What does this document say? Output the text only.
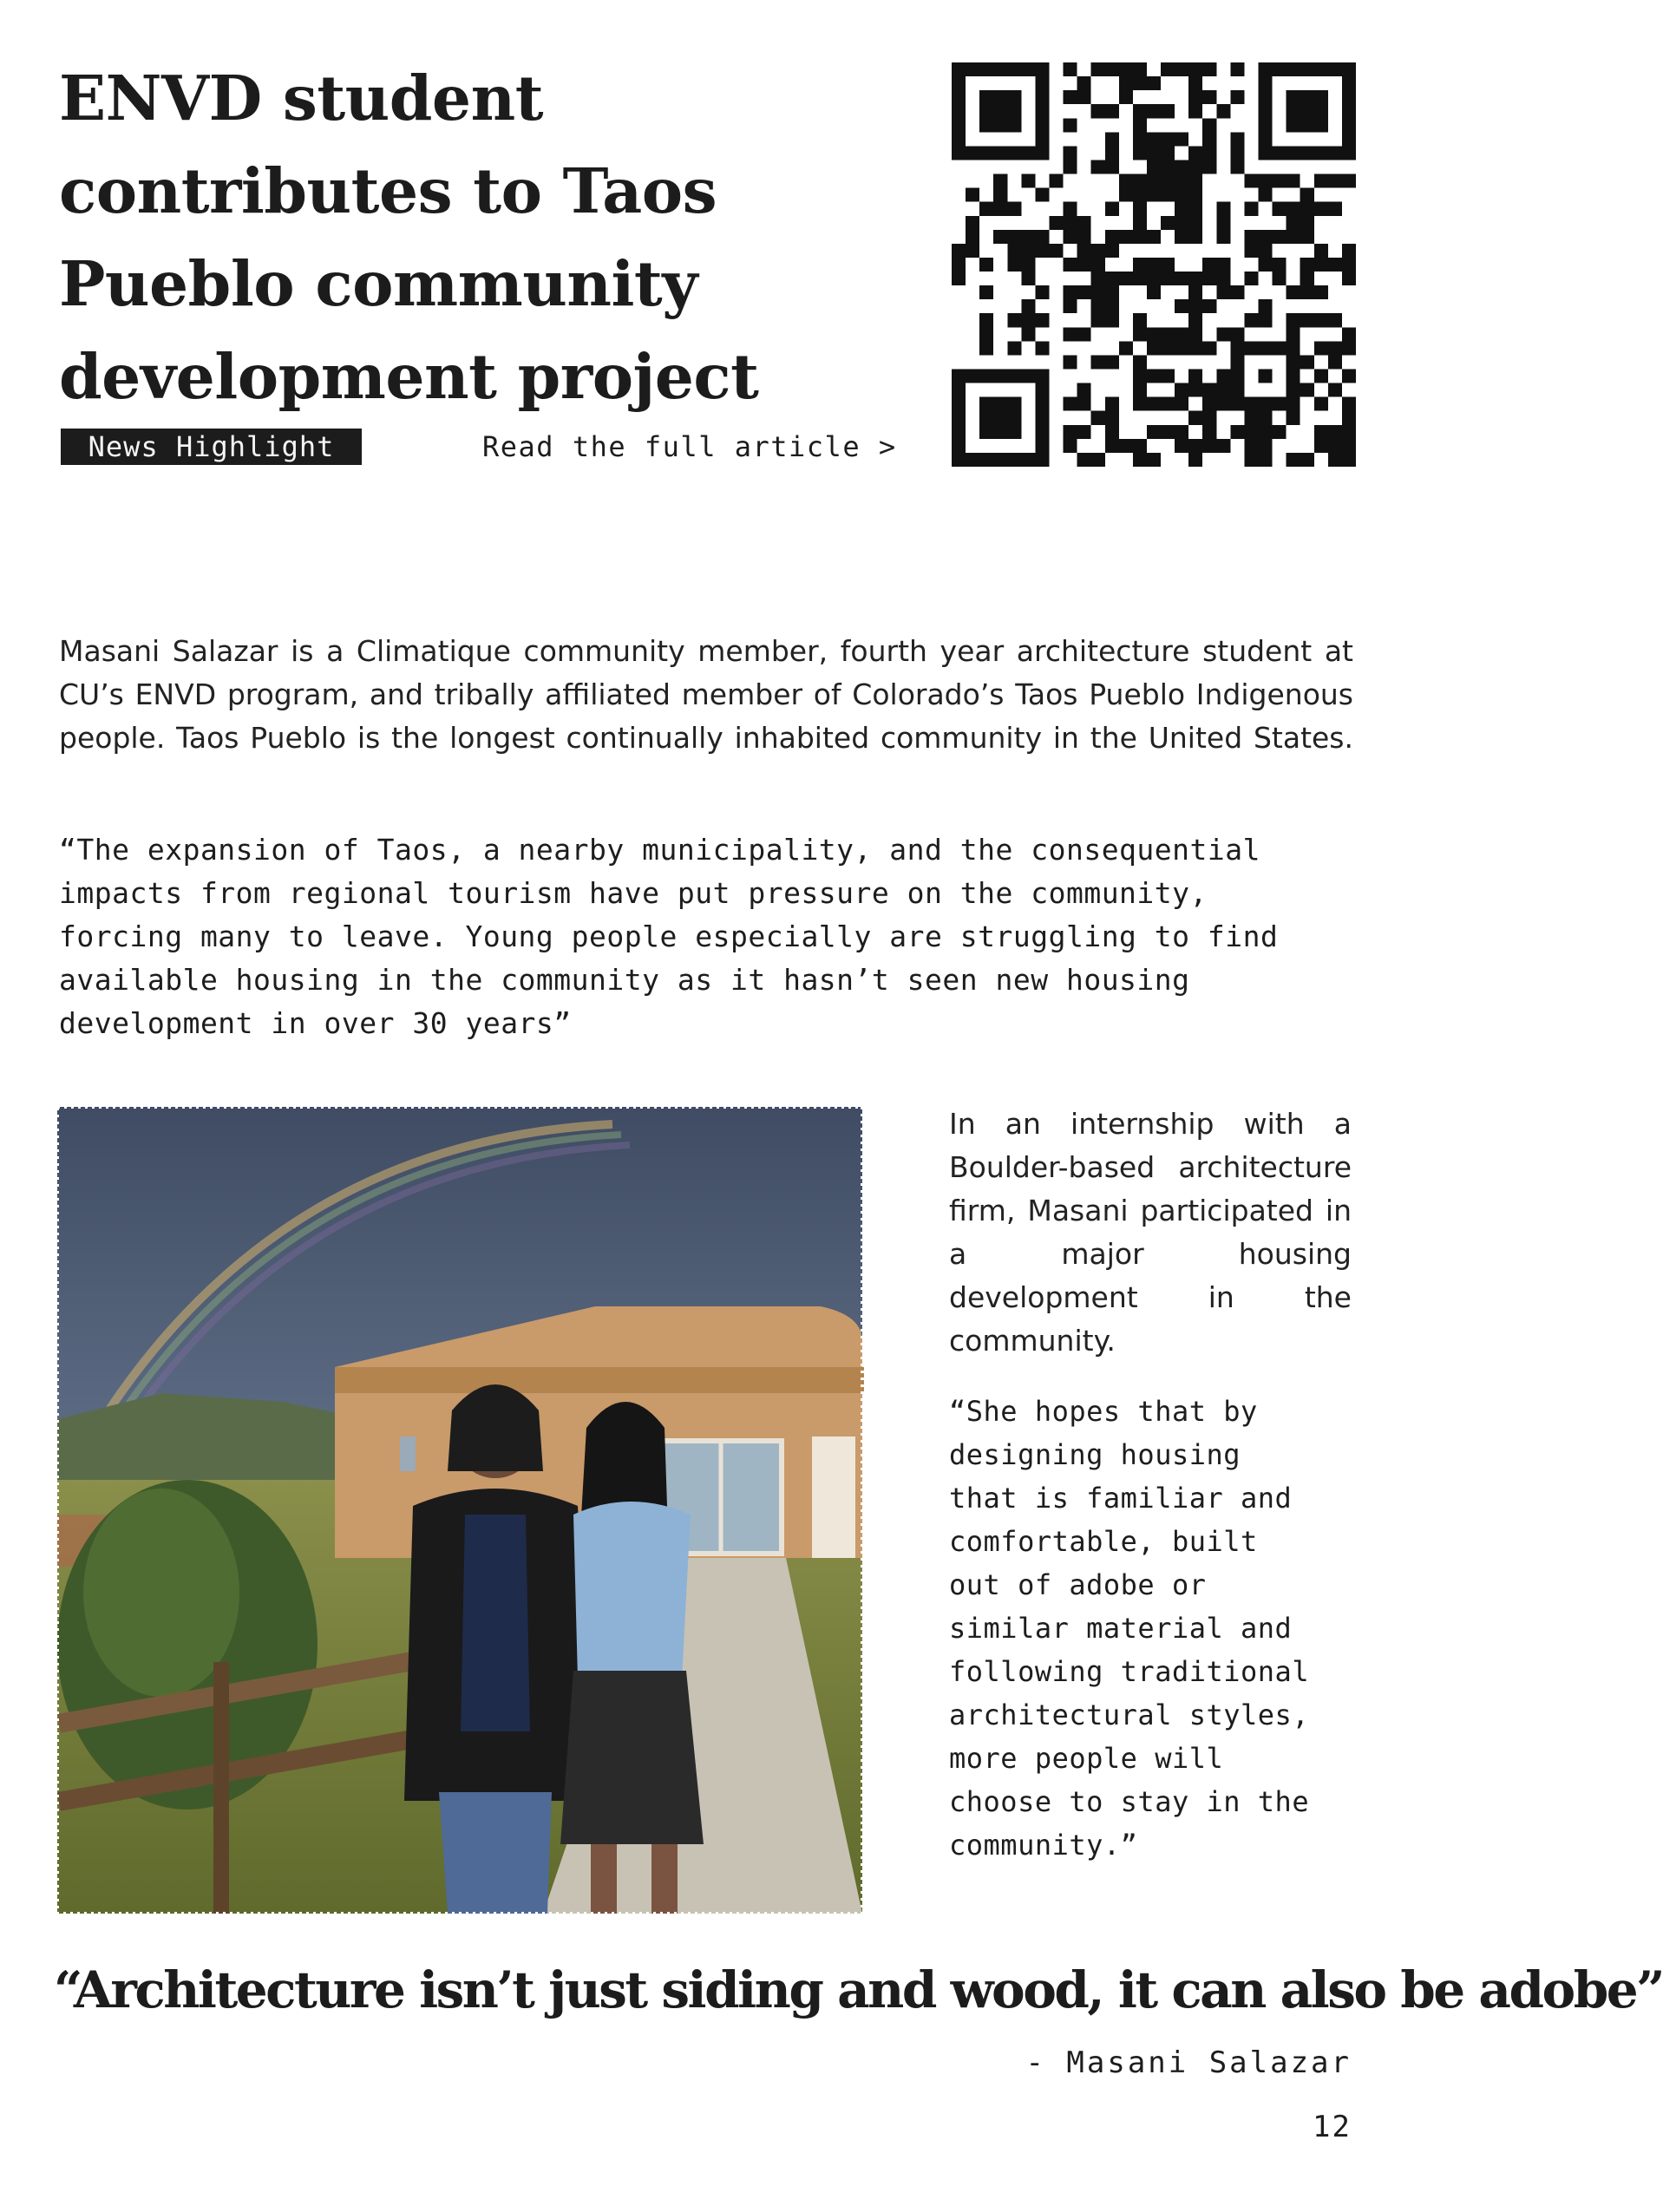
ENVD student contributes to Taos Pueblo community development project
News Highlight	Read the full article >
Masani Salazar is a Climatique community member, fourth year architecture student at CU’s ENVD program, and tribally affiliated member of Colorado’s Taos Pueblo Indigenous people. Taos Pueblo is the longest continually inhabited community in the United States.
“The expansion of Taos, a nearby municipality, and the consequential
impacts from regional tourism have put pressure on the community,
forcing many to leave. Young people especially are struggling to find
available housing in the community as it hasn’t seen new housing
development in over 30 years”
In an internship with a Boulder-based architecture firm, Masani participated in a major housing development in the community.
“She hopes that by
designing housing
that is familiar and
comfortable, built
out of adobe or
similar material and
following traditional
architectural styles,
more people will
choose to stay in the
community.”
“Architecture isn’t just siding and wood, it can also be adobe”
- Masani Salazar
12
